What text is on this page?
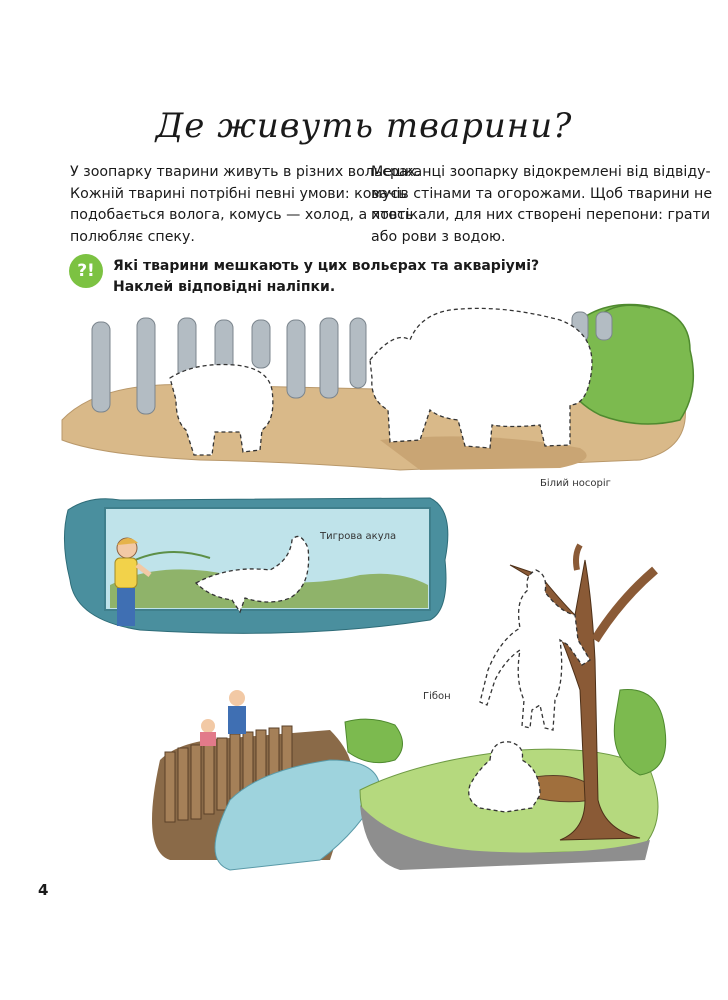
Де живуть тварини?

У зоопарку тварини живуть в різних вольєрах.

Кожній тварині потрібні певні умови: комусь

подобається волога, комусь — холод, а хтось

полюбляє спеку.

Мешканці зоопарку відокремлені від відвіду-

вачів стінами та огорожами. Щоб тварини не

повтікали, для них створені перепони: грати

або рови з водою.

?!	Які тварини мешкають у цих вольєрах та акваріумі?
Наклей відповідні наліпки.
Білий носоріг
Тигрова акула
Гібон
4
